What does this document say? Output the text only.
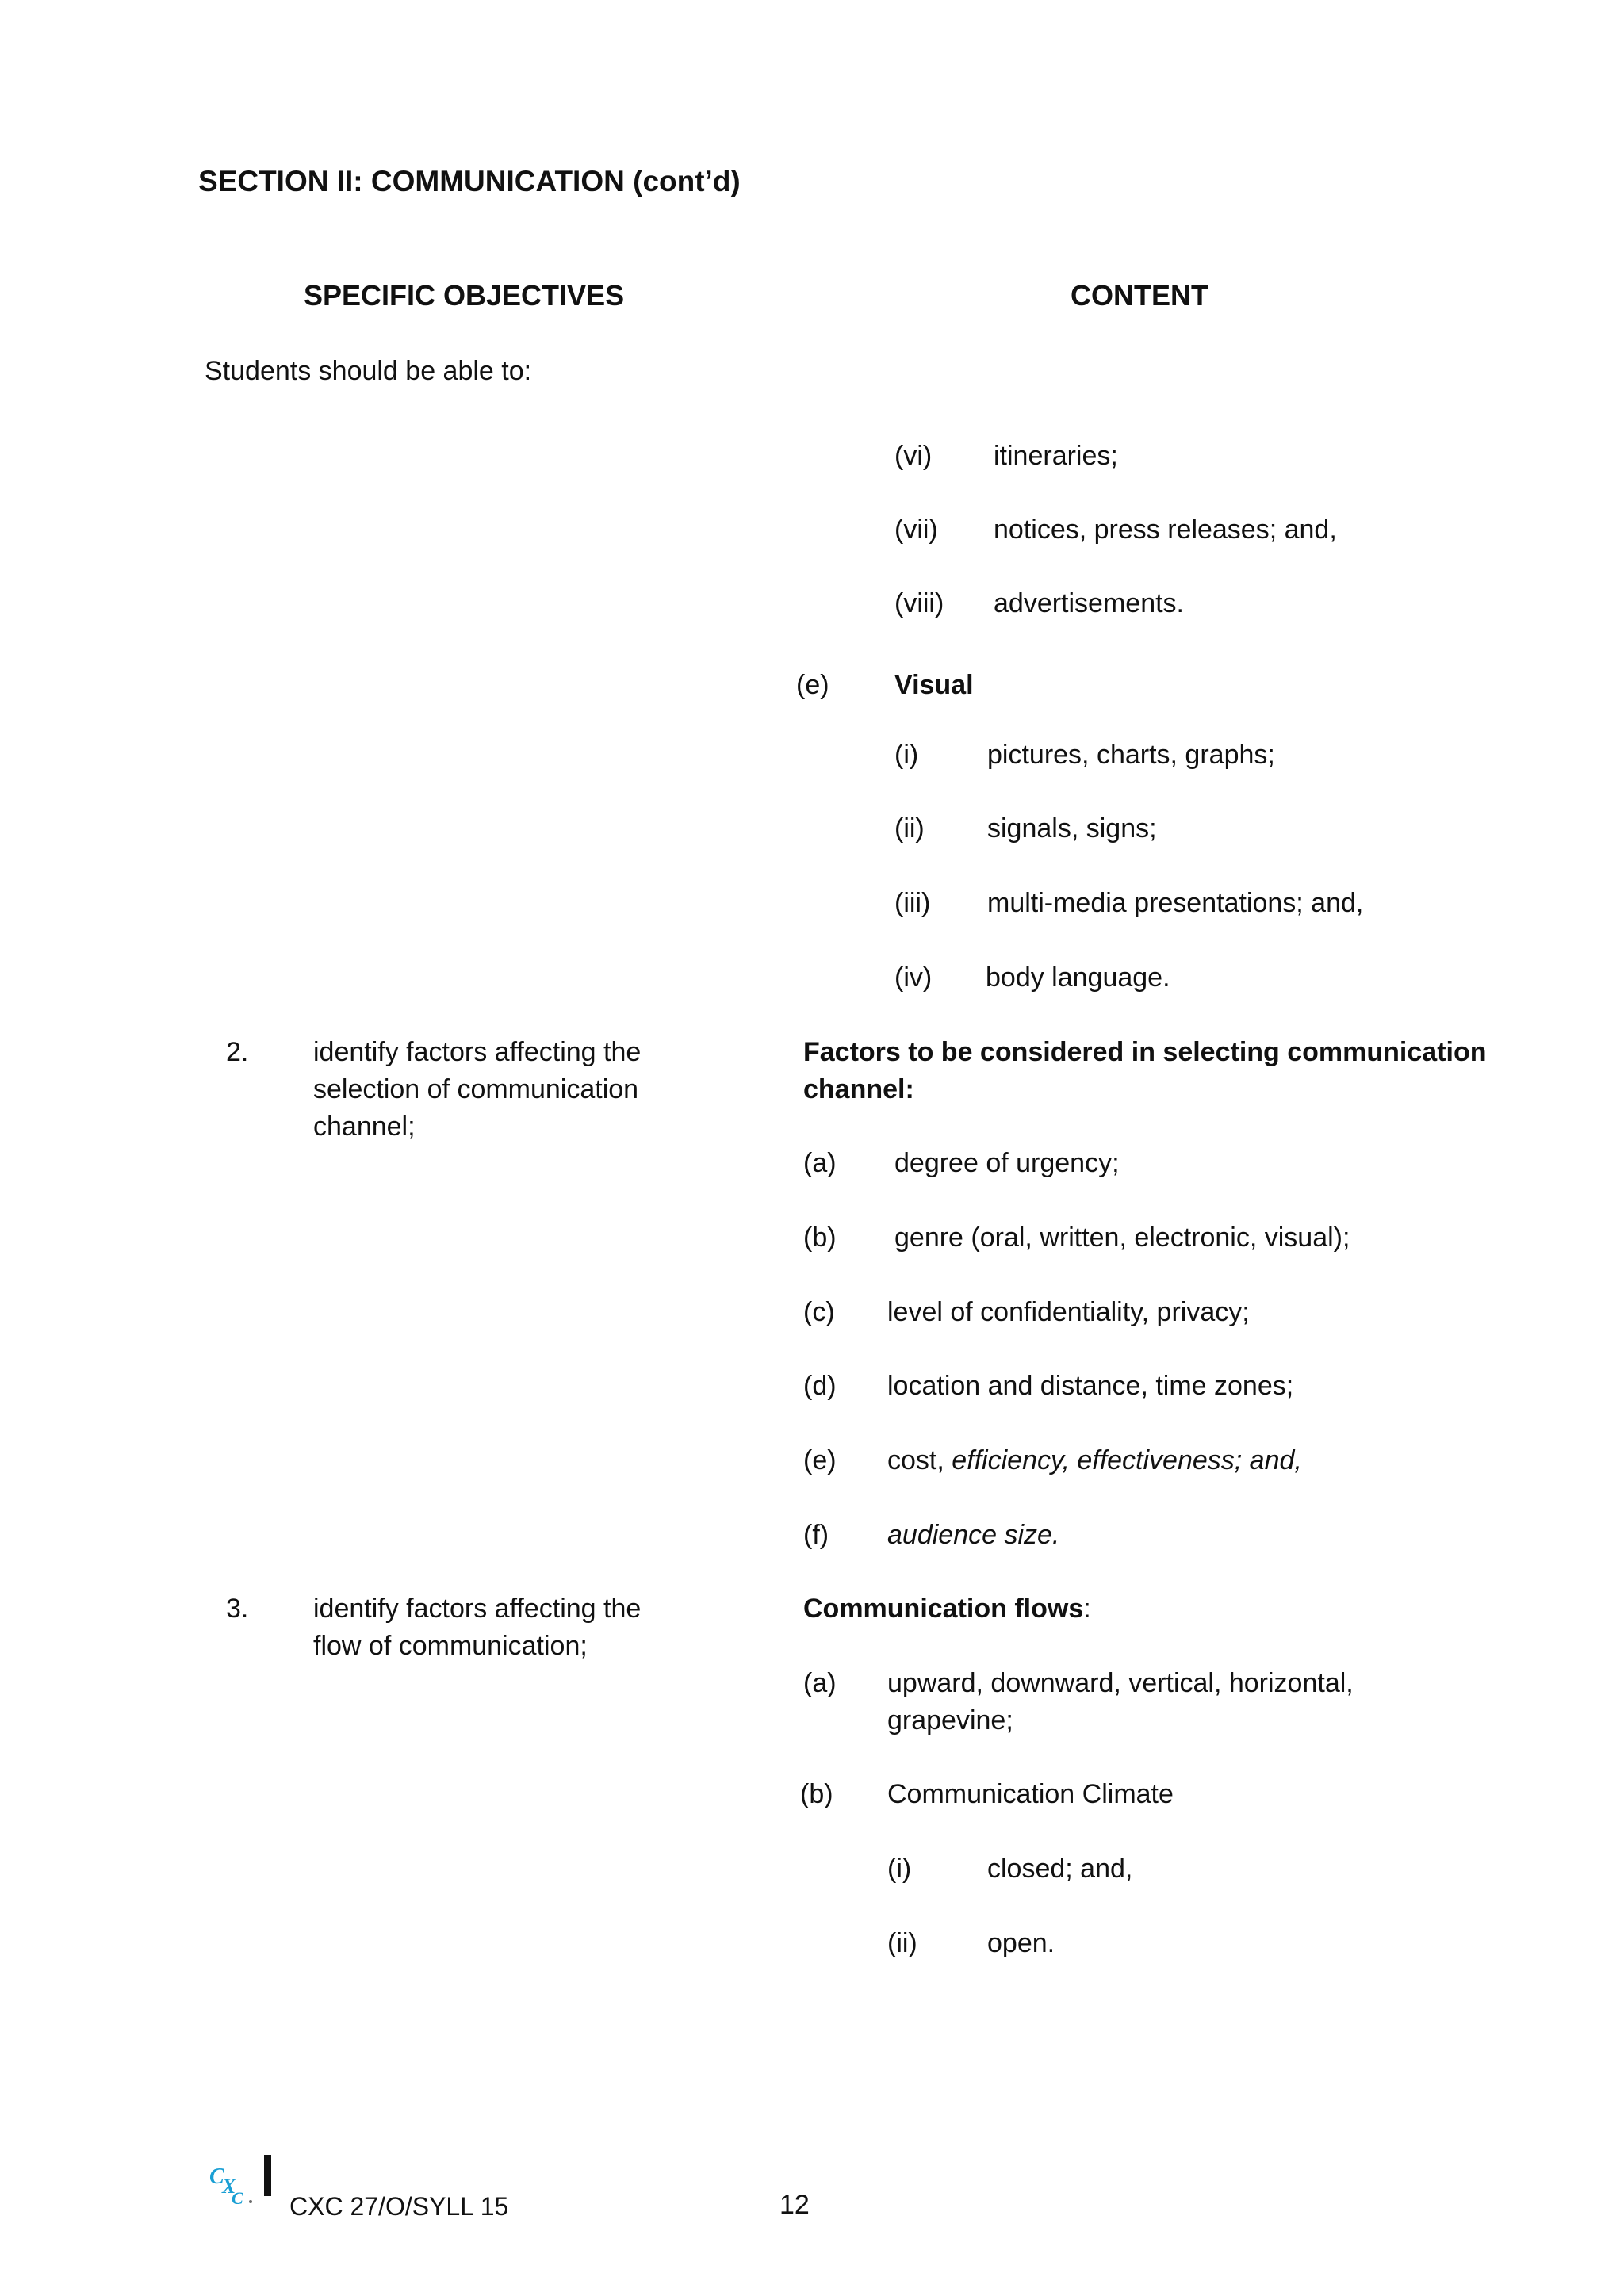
SECTION II: COMMUNICATION (cont’d)
SPECIFIC OBJECTIVES	CONTENT
Students should be able to:
(vi) itineraries;
(vii) notices, press releases; and,
(viii) advertisements.
(e) Visual
(i)	pictures, charts, graphs;
(ii) signals, signs;
(iii) multi-media presentations; and,
(iv) body language.
2. identify factors affecting the
selection of communication
channel;
Factors to be considered in selecting communication
channel:
(a) degree of urgency;
(b) genre (oral, written, electronic, visual);
(c) level of confidentiality, privacy;
(d) location and distance, time zones;
(e) cost, efficiency, effectiveness; and,
(f) audience size.
3. identify factors affecting the
flow of communication;
Communication flows:
(a) upward, downward, vertical, horizontal,
grapevine;
(b) Communication Climate
(i)	closed; and,
(ii)	open.
C
X
C CXC 27/O/SYLL 15	12
